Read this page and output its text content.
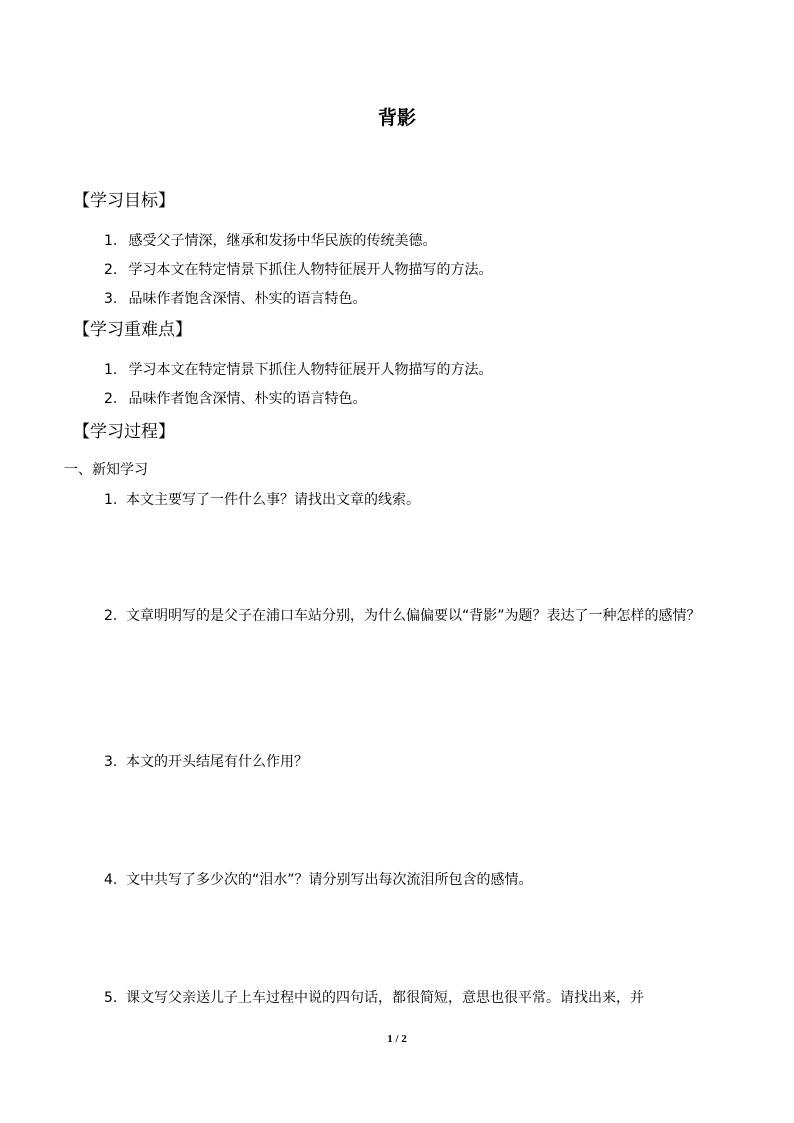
背影
【学习目标】
1. 感受父子情深，继承和发扬中华民族的传统美德。
2. 学习本文在特定情景下抓住人物特征展开人物描写的方法。
3. 品味作者饱含深情、朴实的语言特色。
【学习重难点】
1. 学习本文在特定情景下抓住人物特征展开人物描写的方法。
2. 品味作者饱含深情、朴实的语言特色。
【学习过程】
一、新知学习
1. 本文主要写了一件什么事？请找出文章的线索。
2. 文章明明写的是父子在浦口车站分别，为什么偏偏要以“背影”为题？表达了一种怎样的感情？
3. 本文的开头结尾有什么作用？
4. 文中共写了多少次的“泪水”？请分别写出每次流泪所包含的感情。
5. 课文写父亲送儿子上车过程中说的四句话，都很简短，意思也很平常。请找出来，并
1 / 2
